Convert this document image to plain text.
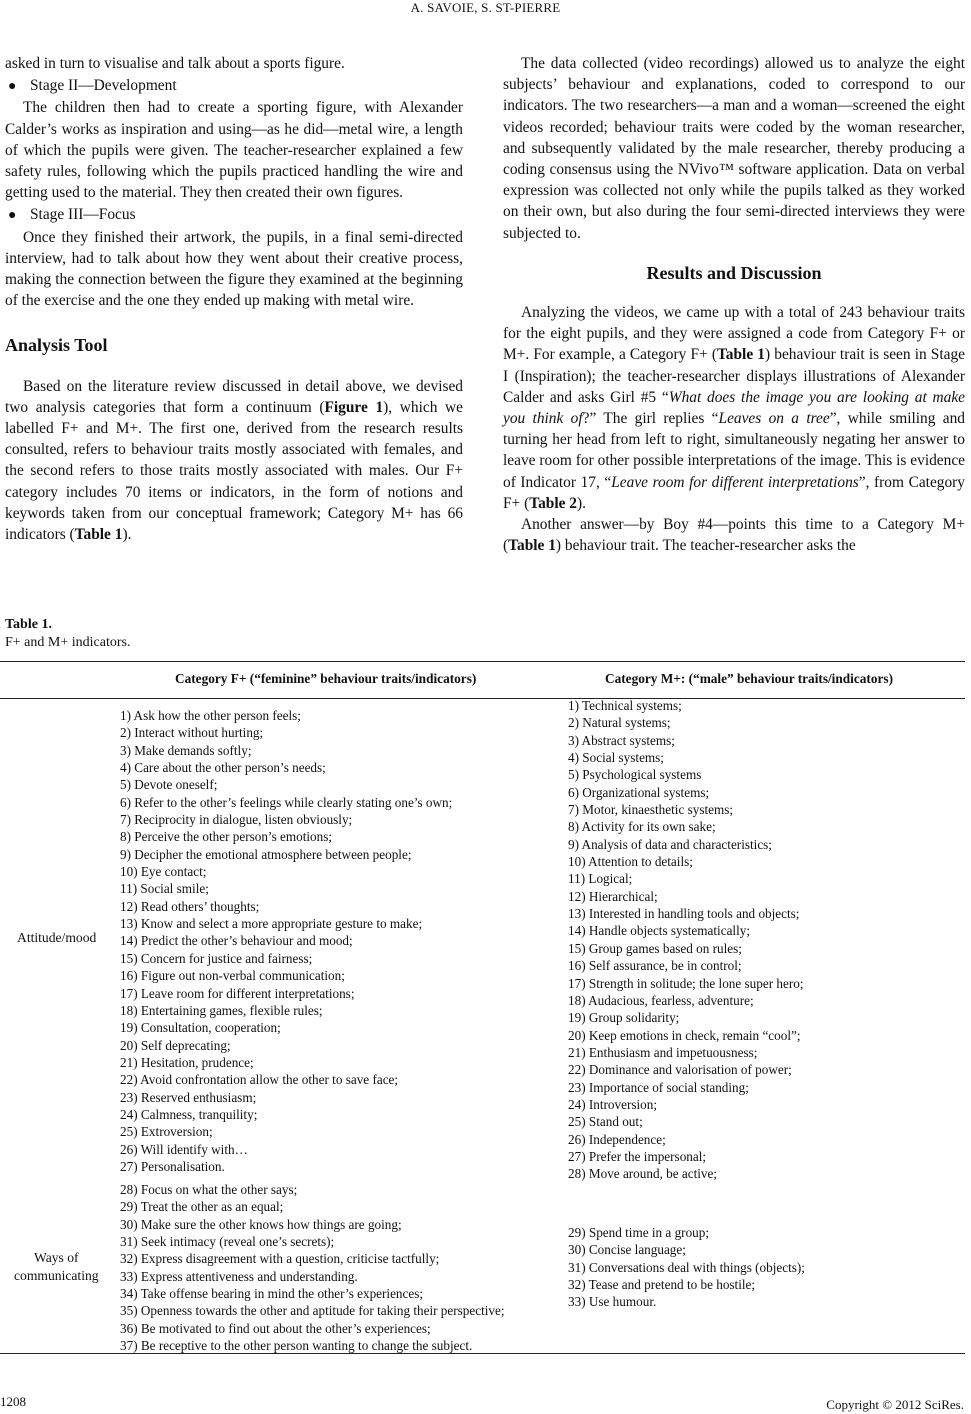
A. SAVOIE, S. ST-PIERRE

asked in turn to visualise and talk about a sports figure.

● Stage II—Development

The children then had to create a sporting figure, with Alexander Calder’s works as inspiration and using—as he did—metal wire, a length of which the pupils were given. The teacher-researcher explained a few safety rules, following which the pupils practiced handling the wire and getting used to the material. They then created their own figures.

● Stage III—Focus

Once they finished their artwork, the pupils, in a final semi-directed interview, had to talk about how they went about their creative process, making the connection between the figure they examined at the beginning of the exercise and the one they ended up making with metal wire.

Analysis Tool

Based on the literature review discussed in detail above, we devised two analysis categories that form a continuum (Figure 1), which we labelled F+ and M+. The first one, derived from the research results consulted, refers to behaviour traits mostly associated with females, and the second refers to those traits mostly associated with males. Our F+ category includes 70 items or indicators, in the form of notions and keywords taken from our conceptual framework; Category M+ has 66 indicators (Table 1).

The data collected (video recordings) allowed us to analyze the eight subjects’ behaviour and explanations, coded to correspond to our indicators. The two researchers—a man and a woman—screened the eight videos recorded; behaviour traits were coded by the woman researcher, and subsequently validated by the male researcher, thereby producing a coding consensus using the NVivo™ software application. Data on verbal expression was collected not only while the pupils talked as they worked on their own, but also during the four semi-directed interviews they were subjected to.

Results and Discussion

Analyzing the videos, we came up with a total of 243 behaviour traits for the eight pupils, and they were assigned a code from Category F+ or M+. For example, a Category F+ (Table 1) behaviour trait is seen in Stage I (Inspiration); the teacher-researcher displays illustrations of Alexander Calder and asks Girl #5 “What does the image you are looking at make you think of?” The girl replies “Leaves on a tree”, while smiling and turning her head from left to right, simultaneously negating her answer to leave room for other possible interpretations of the image. This is evidence of Indicator 17, “Leave room for different interpretations”, from Category F+ (Table 2).

Another answer—by Boy #4—points this time to a Category M+ (Table 1) behaviour trait. The teacher-researcher asks the

Table 1.
F+ and M+ indicators.
Category F+ (“feminine” behaviour traits/indicators)	Category M+: (“male” behaviour traits/indicators)
Attitude/mood
1) Ask how the other person feels;
2) Interact without hurting;
3) Make demands softly;
4) Care about the other person’s needs;
5) Devote oneself;
6) Refer to the other’s feelings while clearly stating one’s own;
7) Reciprocity in dialogue, listen obviously;
8) Perceive the other person’s emotions;
9) Decipher the emotional atmosphere between people;
10) Eye contact;
11) Social smile;
12) Read others’ thoughts;
13) Know and select a more appropriate gesture to make;
14) Predict the other’s behaviour and mood;
15) Concern for justice and fairness;
16) Figure out non-verbal communication;
17) Leave room for different interpretations;
18) Entertaining games, flexible rules;
19) Consultation, cooperation;
20) Self deprecating;
21) Hesitation, prudence;
22) Avoid confrontation allow the other to save face;
23) Reserved enthusiasm;
24) Calmness, tranquility;
25) Extroversion;
26) Will identify with…
27) Personalisation.
1) Technical systems;
2) Natural systems;
3) Abstract systems;
4) Social systems;
5) Psychological systems
6) Organizational systems;
7) Motor, kinaesthetic systems;
8) Activity for its own sake;
9) Analysis of data and characteristics;
10) Attention to details;
11) Logical;
12) Hierarchical;
13) Interested in handling tools and objects;
14) Handle objects systematically;
15) Group games based on rules;
16) Self assurance, be in control;
17) Strength in solitude; the lone super hero;
18) Audacious, fearless, adventure;
19) Group solidarity;
20) Keep emotions in check, remain “cool”;
21) Enthusiasm and impetuousness;
22) Dominance and valorisation of power;
23) Importance of social standing;
24) Introversion;
25) Stand out;
26) Independence;
27) Prefer the impersonal;
28) Move around, be active;
Ways of
communicating
28) Focus on what the other says;
29) Treat the other as an equal;
30) Make sure the other knows how things are going;
31) Seek intimacy (reveal one’s secrets);
32) Express disagreement with a question, criticise tactfully;
33) Express attentiveness and understanding.
34) Take offense bearing in mind the other’s experiences;
35) Openness towards the other and aptitude for taking their perspective;
36) Be motivated to find out about the other’s experiences;
37) Be receptive to the other person wanting to change the subject.
29) Spend time in a group;
30) Concise language;
31) Conversations deal with things (objects);
32) Tease and pretend to be hostile;
33) Use humour.
1208	Copyright © 2012 SciRes.
